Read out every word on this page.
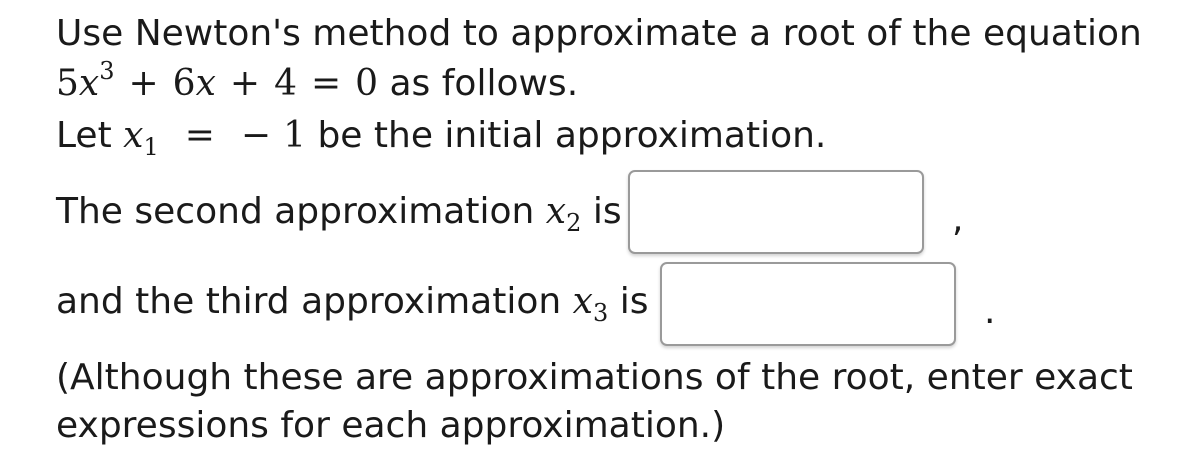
Use Newton's method to approximate a root of the equation
$5x^3 + 6x + 4 = 0$ as follows.
Let $x_1$ = − 1 be the initial approximation.
The second approximation $x_2$ is	,
and the third approximation $x_3$ is	.
(Although these are approximations of the root, enter exact
expressions for each approximation.)
